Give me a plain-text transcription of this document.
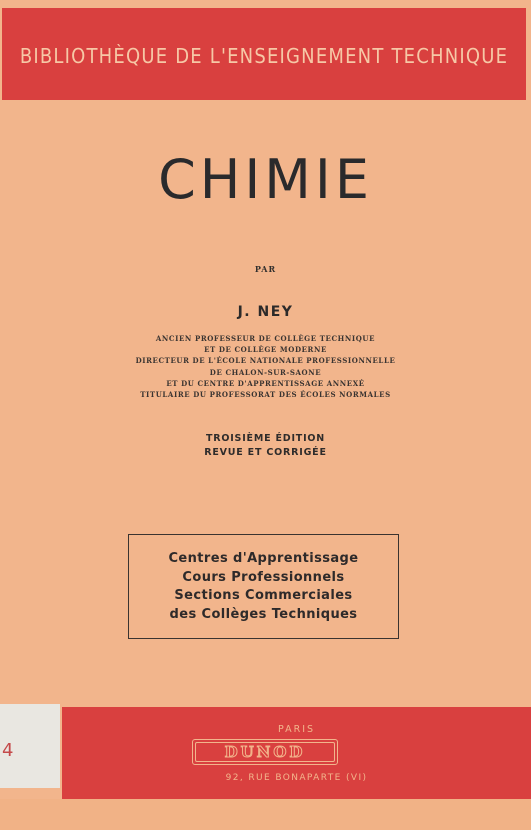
BIBLIOTHÈQUE DE L'ENSEIGNEMENT TECHNIQUE
CHIMIE
PAR
J. NEY
ANCIEN PROFESSEUR DE COLLÈGE TECHNIQUE
ET DE COLLÈGE MODERNE
DIRECTEUR DE L'ÉCOLE NATIONALE PROFESSIONNELLE
DE CHALON-SUR-SAONE
ET DU CENTRE D'APPRENTISSAGE ANNEXÉ
TITULAIRE DU PROFESSORAT DES ÉCOLES NORMALES
TROISIÈME ÉDITION
REVUE ET CORRIGÉE
Centres d'Apprentissage
Cours Professionnels
Sections Commerciales
des Collèges Techniques
PARIS
DUNOD
92, RUE BONAPARTE (VI)
4
